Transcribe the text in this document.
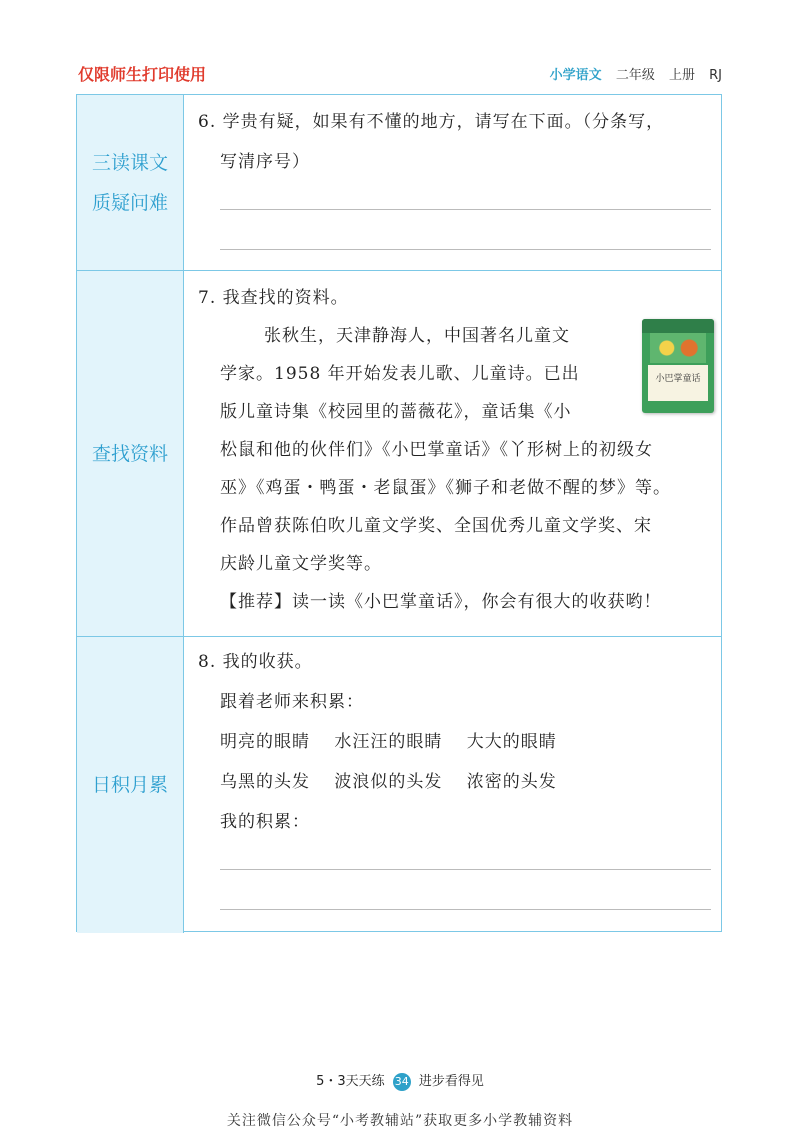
仅限师生打印使用	小学语文 二年级 上册 RJ
三读课文
质疑问难
6. 学贵有疑，如果有不懂的地方，请写在下面。（分条写，
写清序号）
查找资料
7. 我查找的资料。
张秋生，天津静海人，中国著名儿童文
学家。1958 年开始发表儿歌、儿童诗。已出
版儿童诗集《校园里的蔷薇花》，童话集《小
松鼠和他的伙伴们》《小巴掌童话》《丫形树上的初级女
巫》《鸡蛋・鸭蛋・老鼠蛋》《狮子和老做不醒的梦》等。
作品曾获陈伯吹儿童文学奖、全国优秀儿童文学奖、宋
庆龄儿童文学奖等。
【推荐】读一读《小巴掌童话》，你会有很大的收获哟！
小巴掌童话
日积月累
8. 我的收获。
跟着老师来积累：
明亮的眼睛　 水汪汪的眼睛　 大大的眼睛
乌黑的头发　 波浪似的头发　 浓密的头发
我的积累：
5・3天天练 34 进步看得见
关注微信公众号“小考教辅站”获取更多小学教辅资料
